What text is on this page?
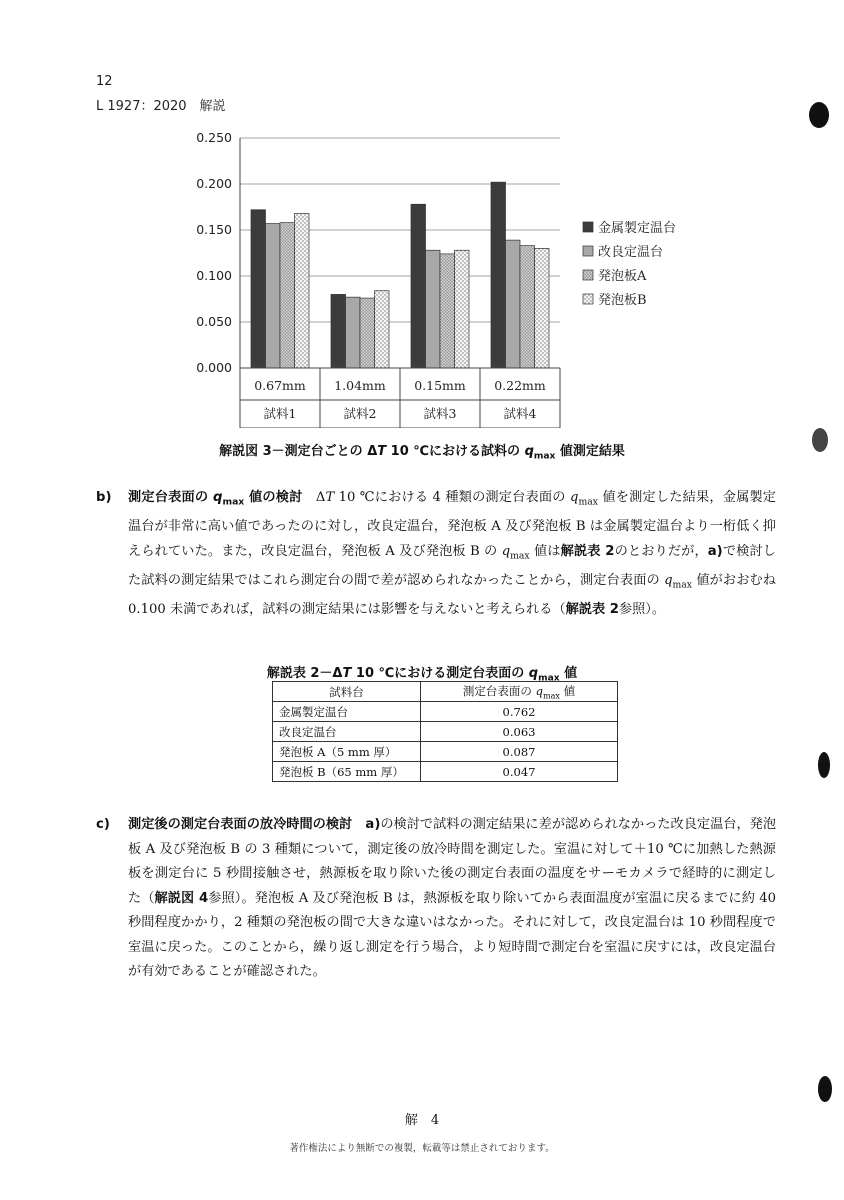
12
L 1927：2020　解説
0.000
0.050
0.100
0.150
0.200
0.250
0.67mm
試料1
1.04mm
試料2
0.15mm
試料3
0.22mm
試料4
金属製定温台
改良定温台
発泡板A
発泡板B
解説図 3－測定台ごとの ΔT 10 ℃における試料の $q_{max}$ 値測定結果
b) 測定台表面の $q_{max}$ 値の検討　ΔT 10 ℃における 4 種類の測定台表面の $q_{max}$ 値を測定した結果，金属製定温台が非常に高い値であったのに対し，改良定温台，発泡板 A 及び発泡板 B は金属製定温台より一桁低く抑えられていた。また，改良定温台，発泡板 A 及び発泡板 B の $q_{max}$ 値は解説表 2のとおりだが，a)で検討した試料の測定結果ではこれら測定台の間で差が認められなかったことから，測定台表面の $q_{max}$ 値がおおむね 0.100 未満であれば，試料の測定結果には影響を与えないと考えられる（解説表 2参照）。
解説表 2－ΔT 10 ℃における測定台表面の $q_{max}$ 値
試料台	測定台表面の $q_{max}$ 値
金属製定温台	0.762
改良定温台	0.063
発泡板 A（5 mm 厚）	0.087
発泡板 B（65 mm 厚）	0.047
c) 測定後の測定台表面の放冷時間の検討　 a)の検討で試料の測定結果に差が認められなかった改良定温台，発泡板 A 及び発泡板 B の 3 種類について，測定後の放冷時間を測定した。室温に対して＋10 ℃に加熱した熱源板を測定台に 5 秒間接触させ，熱源板を取り除いた後の測定台表面の温度をサーモカメラで経時的に測定した（解説図 4参照）。発泡板 A 及び発泡板 B は，熱源板を取り除いてから表面温度が室温に戻るまでに約 40 秒間程度かかり，2 種類の発泡板の間で大きな違いはなかった。それに対して，改良定温台は 10 秒間程度で室温に戻った。このことから，繰り返し測定を行う場合，より短時間で測定台を室温に戻すには，改良定温台が有効であることが確認された。
解　4
著作権法により無断での複製，転載等は禁止されております。
